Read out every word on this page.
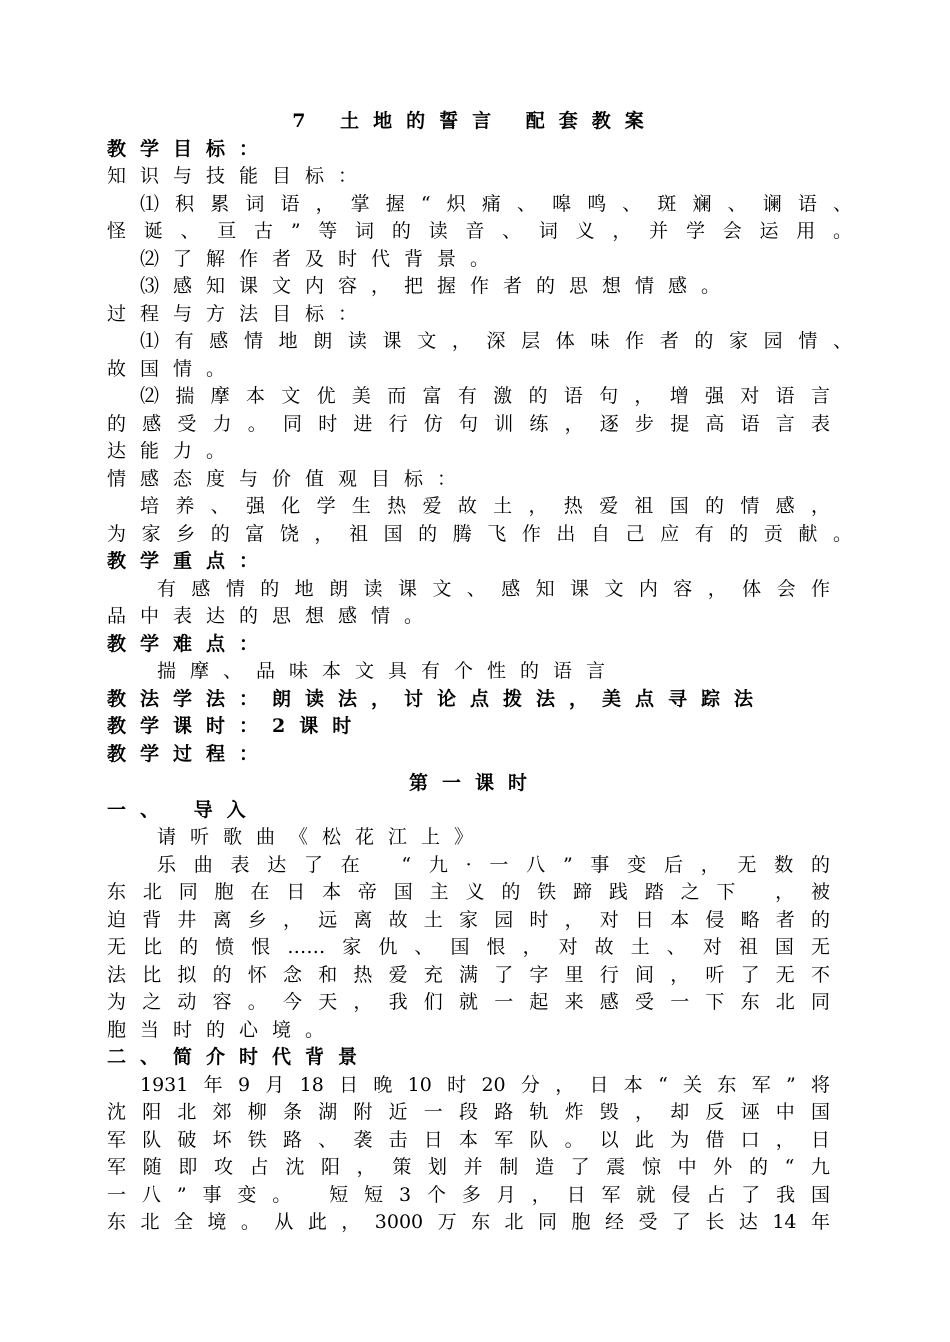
7 土地的誓言 配套教案
教学目标：
知识与技能目标：
⑴积累词语，掌握“炽痛、嗥鸣、斑斓、谰语、
怪诞、亘古”等词的读音、词义，并学会运用。
⑵了解作者及时代背景。
⑶感知课文内容，把握作者的思想情感。
过程与方法目标：
⑴有感情地朗读课文，深层体味作者的家园情、
故国情。
⑵揣摩本文优美而富有激的语句，增强对语言
的感受力。同时进行仿句训练，逐步提高语言表
达能力。
情感态度与价值观目标：
培养、强化学生热爱故土，热爱祖国的情感，
为家乡的富饶，祖国的腾飞作出自己应有的贡献。
教学重点：
有感情的地朗读课文、感知课文内容，体会作
品中表达的思想感情。
教学难点：
揣摩、品味本文具有个性的语言
教法学法：朗读法，讨论点拨法，美点寻踪法
教学课时：2课时
教学过程：
第一课时
一、 导入
请听歌曲《松花江上》
乐曲表达了在 “九·一八”事变后，无数的
东北同胞在日本帝国主义的铁蹄践踏之下 ，被
迫背井离乡，远离故土家园时，对日本侵略者的
无比的愤恨……家仇、国恨，对故土、对祖国无
法比拟的怀念和热爱充满了字里行间，听了无不
为之动容。今天，我们就一起来感受一下东北同
胞当时的心境。
二、简介时代背景
1931年9月18日晚10时20分，日本“关东军”将
沈阳北郊柳条湖附近一段路轨炸毁，却反诬中国
军队破坏铁路、袭击日本军队。以此为借口，日
军随即攻占沈阳，策划并制造了震惊中外的“九
一八”事变。 短短3个多月，日军就侵占了我国
东北全境。从此，3000万东北同胞经受了长达14年
